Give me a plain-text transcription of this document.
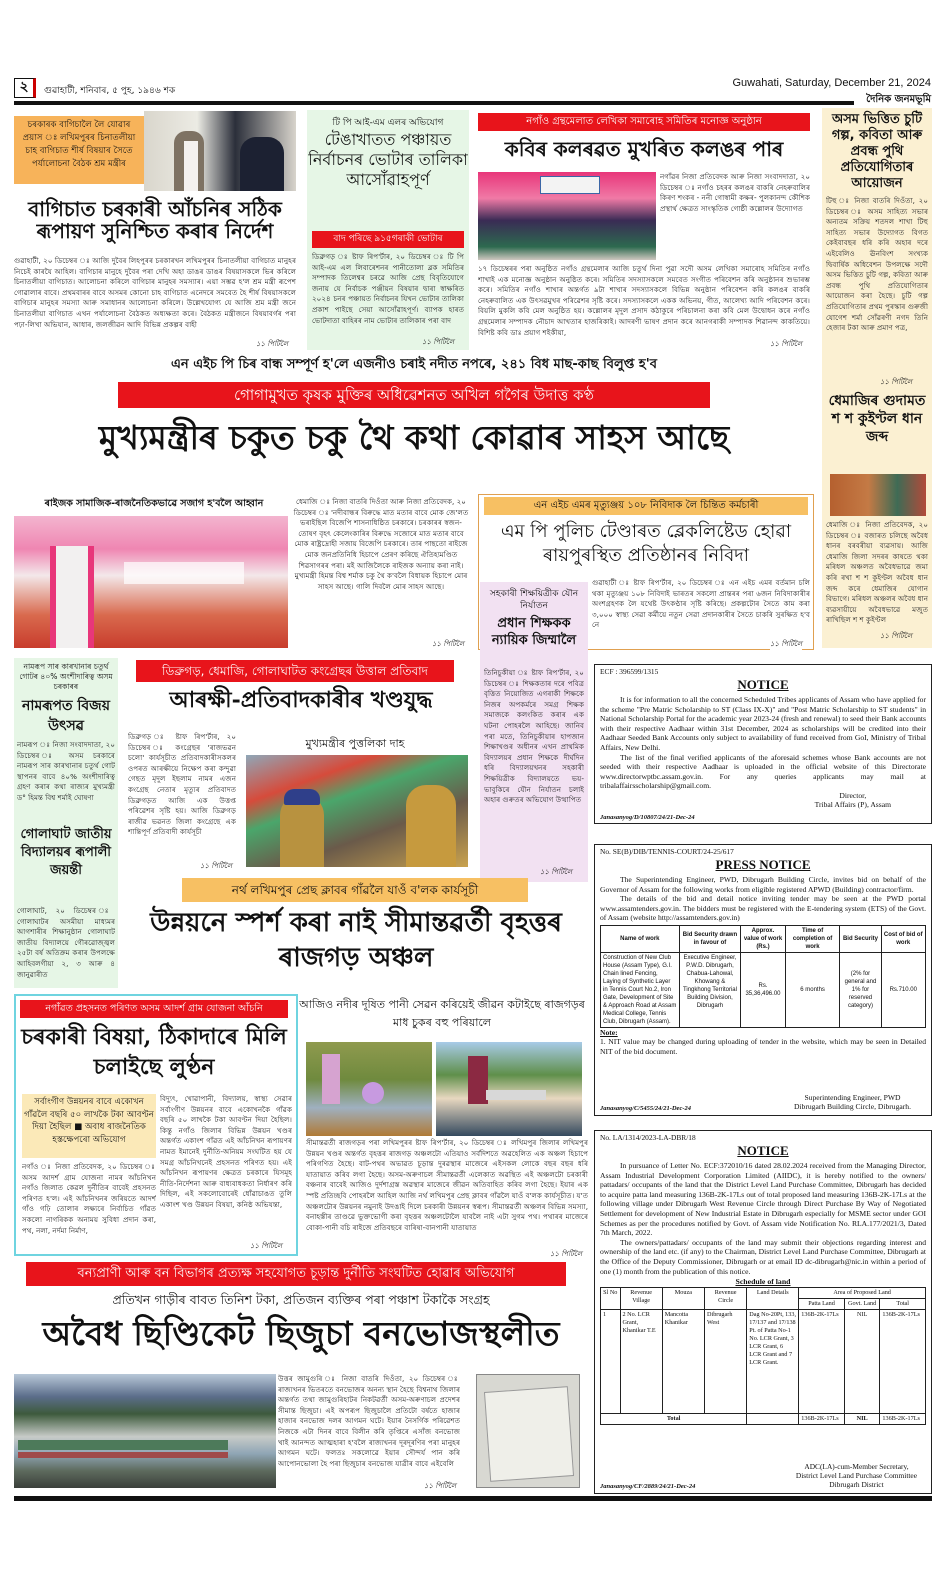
২	গুৱাহাটী, শনিবাৰ, ৫ পুহ, ১৯৪৬ শক
Guwahati, Saturday, December 21, 2024
দৈনিক জনমভূমি
চৰকাৰক বাগিচালৈ লৈ যোৱাৰ প্ৰয়াস ঃ লখিমপুৰৰ চিনাতলীয়া চাহ বাগিচাত শীৰ্ষ বিষয়াৰ সৈতে পৰ্যালোচনা বৈঠক শ্ৰম মন্ত্ৰীৰ
বাগিচাত চৰকাৰী আঁচনিৰ সঠিক ৰূপায়ণ সুনিশ্চিত কৰাৰ নিৰ্দেশ
গুৱাহাটী, ২০ ডিচেম্বৰ ঃ আজি দুবৈৰ লিহপুৰৰ চৰকাৰখন লখিমপুৰৰ চিনাতলীয়া বাগিচাত মানুহৰ নিচেই কাৰযৈ আহিল। বাগিচাৰ মানুহে দুবৈৰ পৰা দেখি অহা ডাঙৰ ডাঙৰ বিষয়াসকলে ভিৰ কৰিলে চিনাতলীয়া বাগিচাত। আলোচনা কৰিলে বাগিচাৰ মানুহৰ সমস্যাৰ। এয়া সম্ভৱ হ'ল শ্ৰম মন্ত্ৰী ৰূপেশ গোৱালাৰ বাবে। প্ৰথমবাৰৰ বাবে অসমৰ কোনো চাহ বাগিচাত এনেদৰে সমবেত হৈ শীৰ্ষ বিষয়াসকলে বাগিচাৰ মানুহৰ সমস্যা আৰু সমাধানৰ আলোচনা কৰিলে। উল্লেখযোগ্য যে আজি শ্ৰম মন্ত্ৰী জনে চিনাতলীয়া বাগিচাত এখন পৰ্যালোচনা বৈঠকত অধ্যক্ষতা কৰে। বৈঠকত মন্ত্ৰীজনে বিষয়াবৰ্গৰ পৰা পঢ়া-লিখা অভিযান, আধাৰ, জলজীৱন আদি বিভিন্ন প্ৰকল্পৰ বাহী
১১ পিটিলৈ
টি পি আই-এম এলৰ অভিযোগ
টেঙাখাতত পঞ্চায়ত নিৰ্বাচনৰ ভোটাৰ তালিকা আসোঁৱাহপূৰ্ণ
বাদ পৰিছে ৯১৫গৰাকী ভোটাৰ
ডিব্ৰুগড় ঃ ষ্টাফ ৰিপ'ৰ্টাৰ, ২০ ডিচেম্বৰ ঃ টি পি আই-এম এল লিবাৰেশনৰ পানীতোলা ব্লক সমিতিৰ সম্পাদক তিলেশ্বৰ চৰৱে আজি প্ৰেছ বিবৃতিযোগে জনায় যে নিৰ্বাচক পঞ্জীয়ন বিষয়াৰ দ্বাৰা স্বাক্ষৰিত ২০২৪ চনৰ পঞ্চায়ত নিৰ্বাচনৰ যিখন ভোটাৰ তালিকা প্ৰকাশ পাইছে সেয়া আসোঁৱাহপূৰ্ণ। ব্যাপক হাৰত ভোটদাতা বাহিৰৰ নাম ভোটাৰ তালিকাৰ পৰা বাদ
১১ পিটিলৈ
নগাঁও গ্ৰন্থমেলাত লেখিকা সমাৰোহ সমিতিৰ মনোজ্ঞ অনুষ্ঠান
কবিৰ কলৰৱত মুখৰিত কলঙৰ পাৰ
নগাঁৱৰ নিজা প্ৰতিবেদক আৰু নিজা সংবাদদাতা, ২০ ডিচেম্বৰ ঃ নগাঁও চহৰৰ কলঙৰ বাকৰি নেহৰুবালিৰ কিৰণ শংকৰ - ননী গোস্বামী কক্ষৰ- পুলকানন্দ কৌশিক প্ৰস্থাৰ্থ ক্ষেত্ৰত সাংস্কৃতিক গোষ্ঠী কল্লোলৰ উদ্যোগত
১৭ ডিচেম্বৰৰ পৰা অনুষ্ঠিত নগাঁও গ্ৰন্থমেলাৰ আজি চতুৰ্থ দিনা পুৱা সদৌ অসম লেখিকা সমাৰোহ সমিতিৰ নগাঁও শাখাই এক মনোজ্ঞ অনুষ্ঠান অনুষ্ঠিত কৰে। সমিতিৰ সদস্যাসকলে সমবেত সংগীত পৰিবেশন কৰি অনুষ্ঠানৰ শুভাৰম্ভ কৰে। সমিতিৰ নগাঁও শাখাৰ অন্তৰ্গত ৯টা শাখাৰ সদস্যাসকলে বিভিন্ন অনুষ্ঠান পৰিবেশন কৰি কলঙৰ বাকৰি নেহৰুবালিত এক উৎসৱমুখৰ পৰিৱেশৰ সৃষ্টি কৰে। সদস্যাসকলে একক অভিনয়, গীত, আলেখ্য আদি পৰিবেশন কৰে। বিয়লি মুকলি কবি মেল অনুষ্ঠিত হয়। কল্লোলৰ মৃদুল প্ৰসাদ কঠাকুৰে পৰিচালনা কৰা কবি মেল উদ্বোধন কৰে নগাঁও গ্ৰন্থমেলাৰ সম্পাদক নৌচাদ আখতাৰ হাজৰিকাই। আদৰণী ভাষণ প্ৰদান কৰে আনগৰাকী সম্পাদক শিৱানন্দ কাকতিয়ে। বিশিষ্ট কবি ডাঃ প্ৰয়াগ শইকীয়া,
১১ পিটিলৈ
অসম ভিত্তিত চুটি গল্প, কবিতা আৰু প্ৰবন্ধ পুথি প্ৰতিযোগিতাৰ আয়োজন
টিহু ঃ নিজা বাতৰি দিওঁতা, ২০ ডিচেম্বৰ ঃ অসম সাহিত্য সভাৰ অন্যতম সক্ৰিয় শতদল শাখা টিহু সাহিত্য সভাৰ উদ্যোগত বিগত কেইবাবছৰ ধৰি কৰি অহাৰ দৰে এইবেলিও ঊনবিংশ সংখ্যক দ্বিবাৰ্ষিক অধিবেশন উপলক্ষে সদৌ অসম ভিত্তিত চুটি গল্প, কবিতা আৰু প্ৰবন্ধ পুথি প্ৰতিযোগিতাৰ আয়োজন কৰা হৈছে। চুটি গল্প প্ৰতিযোগিতাৰ প্ৰথম পুৰস্কাৰ গুৰুজী যোগেশ শৰ্মা সোঁৱৰণী নগদ তিনি হেজাৰ টকা আৰু প্ৰমাণ পত্ৰ,
১১ পিটিলৈ
ধেমাজিৰ গুদামত শ শ কুইণ্টল ধান জব্দ
ধেমাজি ঃ নিজা প্ৰতিবেদক, ২০ ডিচেম্বৰ ঃ বজাৰত চলিছে অবৈধ ধানৰ বৰবৰীয়া ব্যৱসায়। আজি ধেমাজি জিলা সদৰৰ কাষতে থকা মৰিধল অঞ্চলত অবৈধভাৱে জমা কৰি ৰখা শ শ কুইণ্টল অবৈধ ধান জব্দ কৰে ধেমাজিৰ যোগান বিভাগে। মৰিধল অঞ্চলৰ অবৈধ ধান ব্যৱসায়ীয়ে অবৈধভাৱে মজুত ৰাখিছিল শ শ কুইণ্টল
১১ পিটিলৈ
এন এইচ পি চিৰ বান্ধ সম্পূৰ্ণ হ'লে এজনীও চৰাই নদীত নপৰে, ২৪১ বিধ মাছ-কাছ বিলুপ্ত হ'ব
গোগামুখত কৃষক মুক্তিৰ অধিৱেশনত অখিল গগৈৰ উদাত্ত কণ্ঠ
মুখ্যমন্ত্ৰীৰ চকুত চকু থৈ কথা কোৱাৰ সাহস আছে
ৰাইজক সামাজিক-ৰাজনৈতিকভাৱে সজাগ হ'বলৈ আহ্বান	ধেমাজি ঃ নিজা বাতৰি দিওঁতা আৰু নিজা প্ৰতিবেদক, ২০ ডিচেম্বৰ ঃ 'নদীবান্ধৰ বিৰুদ্ধে মাত মতাৰ বাবে মোক জে'লত ভৰাইছিল বিজেপি শাসনাধিষ্ঠিত চৰকাৰে। চৰকাৰৰ স্বজন-তোষণ বৃহৎ কেলেংকাৰিৰ বিৰুদ্ধে সজোৰে মাত মতাৰ বাবে মোক ৰাষ্ট্ৰদ্ৰোহী সজায় বিজেপি চৰকাৰে। তাৰ পাছতো ৰাইজে মোক জনপ্ৰতিনিধি হিচাপে প্ৰেৰণ কৰিছে ঐতিহ্যমণ্ডিত শিৱসাগৰৰ পৰা। মই আজিলৈকে ৰাইজক অন্যায় কৰা নাই। মুখ্যমন্ত্ৰী হিমন্ত বিশ্ব শৰ্মাক চকু থৈ ক'বলৈ বিধায়ক হিচাপে মোৰ সাহস আছে। গালি দিবলৈ মোৰ সাহস আছে।
১১ পিটিলৈ
এন এইচ এমৰ মৃত্যুঞ্জয় ১০৮ নিবিদাক লৈ চিন্তিত কৰ্মচাৰী
এম পি পুলিচ টেণ্ডাৰত ব্লেকলিষ্টেড হোৱা ৰায়পুৰস্থিত প্ৰতিষ্ঠানৰ নিবিদা
গুৱাহাটী ঃ ষ্টাফ ৰিপ'ৰ্টাৰ, ২০ ডিচেম্বৰ ঃ এন এইচ এমৰ বৰ্তমান চলি থকা মৃত্যুঞ্জয় ১০৮ নিবিদাই ভাৰতৰ সকলো প্ৰান্তৰৰ পৰা ৬জন নিবিদাকাৰীৰ অংশগ্ৰহণক লৈ যথেষ্ট উৎকণ্ঠাৰ সৃষ্টি কৰিছে। প্ৰকল্পটোৰ সৈতে কাম কৰা ৩,০০০ স্বাস্থ্য সেৱা কৰ্মীয়ে নতুন সেৱা প্ৰদানকাৰীৰ সৈতে চাকৰি সুৰক্ষিত হ'ব নে
১১ পিটিলৈ
সহকাৰী শিক্ষয়িত্ৰীক যৌন নিৰ্যাতন
প্ৰধান শিক্ষকক ন্যায়িক জিম্মালৈ
তিনিচুকীয়া ঃ ষ্টাফ ৰিপ'ৰ্টাৰ, ২০ ডিচেম্বৰ ঃ শিক্ষকতাৰ দৰে পবিত্ৰ বৃত্তিত নিয়োজিত এগৰাকী শিক্ষকে নিজৰ অপকৰ্মৰে সমগ্ৰ শিক্ষক সমাজকে কলংকিত কৰাৰ এক ঘটনা পোহৰলৈ আহিছে। জানিব পৰা মতে, তিনিচুকীয়াৰ হাপজান শিক্ষাখণ্ডৰ অধীনৰ এখন প্ৰাথমিক বিদ্যালয়ৰ প্ৰধান শিক্ষকে দীৰ্ঘদিন ধৰি বিদ্যালয়খনৰ সহকাৰী শিক্ষয়িত্ৰীক বিদ্যালয়তে ভয়-ভাবুকিৰে যৌন নিৰ্যাতন চলাই অহাৰ গুৰুতৰ অভিযোগ উত্থাপিত
১১ পিটিলৈ
নামৰূপ সাৰ কাৰখানাৰ চতুৰ্থ গোটৰ ৪০% অংশীদাৰিত্ব অসম চৰকাৰৰ
নামৰূপত বিজয় উৎসৱ
নামৰূপ ঃ নিজা সংবাদদাতা, ২০ ডিচেম্বৰ ঃ অসম চৰকাৰে নামৰূপ সাৰ কাৰখানাৰ চতুৰ্থ গোট স্থাপনৰ বাবে ৪০% অংশীদাৰিত্ব গ্ৰহণ কৰাৰ কথা ৰাজ্যৰ মুখ্যমন্ত্ৰী ড° হিমন্ত বিশ্ব শৰ্মাই ঘোষণা
গোলাঘাট জাতীয় বিদ্যালয়ৰ ৰূপালী জয়ন্তী
গোলাঘাট, ২০ ডিচেম্বৰ ঃ গোলাঘাটৰ অসমীয়া মাধ্যমৰ আগশাৰীৰ শিক্ষানুষ্ঠান গোলাঘাট জাতীয় বিদ্যালয়ে গৌৰৱোজ্জ্বল ২৫টা বৰ্ষ অতিক্ৰম কৰাৰ উপলক্ষে আহিবলগীয়া ২, ৩ আৰু ৪ জানুৱাৰীত
ডিব্ৰুগড়, ধেমাজি, গোলাঘাটত কংগ্ৰেছৰ উত্তাল প্ৰতিবাদ
আৰক্ষী-প্ৰতিবাদকাৰীৰ খণ্ডযুদ্ধ
ডিব্ৰুগড় ঃ ষ্টাফ ৰিপ'ৰ্টাৰ, ২০ ডিচেম্বৰ ঃ কংগ্ৰেছৰ 'ৰাজভৱন চলো' কাৰ্যসূচীত প্ৰতিবাদকাৰীসকলৰ ওপৰত আৰক্ষীয়ে নিক্ষেপ কৰা কন্দুৱা গেছত মৃদুল ইছলাম নামৰ এজন কংগ্ৰেছ নেতাৰ মৃত্যুৰ প্ৰতিবাদত ডিব্ৰুগড়ত আজি এক উত্তপ্ত পৰিৱেশৰ সৃষ্টি হয়। আজি ডিব্ৰুগড় ৰাজীৱ ভৱনত জিলা কংগ্ৰেছে এক শান্তিপূৰ্ণ প্ৰতিবাদী কাৰ্যসূচী
১১ পিটিলৈ
মুখ্যমন্ত্ৰীৰ পুত্তলিকা দাহ
নৰ্থ লখিমপুৰ প্ৰেছ ক্লাবৰ গাঁৱলৈ যাওঁ ব'লক কাৰ্যসূচী
উন্নয়নে স্পৰ্শ কৰা নাই সীমান্তৱৰ্তী বৃহত্তৰ ৰাজগড় অঞ্চল
আজিও নদীৰ দূষিত পানী সেৱন কৰিয়েই জীৱন কটাইছে ৰাজগড়ৰ মাধ চুকৰ বহু পৰিয়ালে
সীমান্তৱৰ্তী ৰাজগড়ৰ পৰা লখিমপুৰৰ ষ্টাফ ৰিপ'ৰ্টাৰ, ২০ ডিচেম্বৰ ঃ লখিমপুৰ জিলাৰ লখিমপুৰ উন্নয়ন খণ্ডৰ অন্তৰ্গত বৃহত্তৰ ৰাজগড় অঞ্চলটো এতিয়াও সৰ্বদিশতে অৱহেলিত এক অঞ্চল হিচাপে পৰিগণিত হৈছে। বাট-পথৰ অভাৱত চূড়ান্ত দুৰৱস্থাৰ মাজেৰে এইসকল লোকে বছৰ বছৰ ধৰি যাতায়াত কৰিব লগা হৈছে। অসম-অৰুণাচল সীমান্তৱৰ্তী এলেকাত অৱস্থিত এই অঞ্চলটো চৰকাৰী বঞ্চনাৰ বাবেই আজিও দুৰ্দশাগ্ৰস্ত অৱস্থাৰ মাজেৰে জীৱন অতিবাহিত কৰিব লগা হৈছে। ইয়াৰ এক স্পষ্ট প্ৰতিচ্ছবি পোহৰলৈ আহিল আজি নৰ্থ লখিমপুৰ প্ৰেছ ক্লাবৰ গাঁৱলৈ যাওঁ ব'লক কাৰ্যসূচীত। য'ত অঞ্চলটোৰ উন্নয়নৰ নমুনাই উদঙাই দিলে চৰকাৰী উন্নয়নৰ স্বৰূপ। সীমান্তৱৰ্তী অঞ্চলৰ বিভিন্ন সমস্যা, বনাহস্তীৰ তাণ্ডৱে ভুক্তভোগী কৰা বৃহত্তৰ অঞ্চলটোলৈ যাবলৈ নাই এটা সুগম পথ। পথাৰৰ মাজেৰে বোকা-পানী বচি ৰাইজে প্ৰতিবছৰে বাৰিষা-বানপানী যাতায়াত
১১ পিটিলৈ
নগাঁৱত প্ৰহসনত পৰিণত অসম আদৰ্শ গ্ৰাম যোজনা আঁচনি
চৰকাৰী বিষয়া, ঠিকাদাৰে মিলি চলাইছে লুণ্ঠন
সৰ্বাংগীণ উন্নয়নৰ বাবে একোখন গাঁৱলৈ বছৰি ৫০ লাখকৈ টকা আবণ্টন দিয়া হৈছিল ■ অবাধ ৰাজনৈতিক হস্তক্ষেপৰো অভিযোগ
নগাঁও ঃ নিজা প্ৰতিবেদক, ২০ ডিচেম্বৰ ঃ অসম আদৰ্শ গ্ৰাম যোজনা নামৰ আঁচনিখন নগাঁও জিলাত কেৱল দুৰ্নীতিৰ বাবেই প্ৰহসনত পৰিণত হ'ল। এই আঁচনিখনৰ জৰিয়তে আদৰ্শ গাঁও গঢ়ি তোলাৰ লক্ষ্যৰে নিৰ্বাচিত গাঁৱত সকলো নাগৰিকক অনাময় সুবিধা প্ৰদান কৰা, পথ, নলা, নৰ্দমা নিৰ্মাণ,
বিদ্যুৎ, খোৱাপানী, বিদ্যালয়, স্বাস্থ্য সেৱাৰ সৰ্বাংগীণ উন্নয়নৰ বাবে একোখনকৈ গাঁৱক বছৰি ৫০ লাখকৈ টকা আবণ্টন দিয়া হৈছিল। কিন্তু নগাঁও জিলাৰ বিভিন্ন উন্নয়ন খণ্ডৰ অন্তৰ্গত একাংশ গাঁৱত এই আঁচনিখন ৰূপায়ণৰ নামত ইমানেই দুৰ্নীতি-অনিয়ম সংঘটিত হয় যে সমগ্ৰ আঁচনিখনেই প্ৰহসনত পৰিণত হয়। এই আঁচনিখন ৰূপায়ণৰ ক্ষেত্ৰত চৰকাৰে যিসমূহ নীতি-নিৰ্দেশনা আৰু বাধ্যবাধকতা নিৰ্ধাৰণ কৰি দিছিল, এই সকলোবোৰেই ধোঁৱাচাঙত তুলি একাংশ খণ্ড উন্নয়ন বিষয়া, কনিষ্ঠ অভিযন্তা,
১১ পিটিলৈ
বন্যপ্ৰাণী আৰু বন বিভাগৰ প্ৰত্যক্ষ সহযোগত চূড়ান্ত দুৰ্নীতি সংঘটিত হোৱাৰ অভিযোগ
প্ৰতিখন গাড়ীৰ বাবত তিনিশ টকা, প্ৰতিজন ব্যক্তিৰ পৰা পঞ্চাশ টকাকৈ সংগ্ৰহ
অবৈধ ছিণ্ডিকেট ছিজুচা বনভোজস্থলীত
উত্তৰ জামুগুৰি ঃ নিজা বাতৰি দিওঁতা, ২০ ডিচেম্বৰ ঃ ৰাজ্যখনৰ ভিতৰতে বনভোজৰ অনন্য স্থান হৈছে বিশ্বনাথ জিলাৰ অন্তৰ্গত তথা জামুগুৰিহাটৰ নিকটৱৰ্তী অসম-অৰুণাচল প্ৰদেশৰ সীমান্ত ছিজুচা। এই অপৰূপ ছিজুচালৈ প্ৰতিটো বৰ্ষতে হাজাৰ হাজাৰ বনভোজ দলৰ আগমন ঘটে। ইয়াৰ নৈসৰ্গিক পৰিৱেশত নিজকে এটা দিনৰ বাবে বিলীন কৰি তৃপ্তিৰে এসাঁজ বনভোজ খাই আনন্দত আত্মহাৰা হ'বলৈ ৰাজ্যখনৰ দূৰদূৰণিৰ পৰা মানুহৰ আগমন ঘটে। ফলতঃ সকলোৱে ইয়াৰ সৌন্দৰ্য পান কৰি আপোনভোলা হৈ পৰা ছিজুচাৰ বনভোজ যাত্ৰীৰ বাবে এইবেলি
১১ পিটিলৈ
ECF : 396599/1315
NOTICE

It is for information to all the concerned Scheduled Tribes applicants of Assam who have applied for the scheme "Pre Matric Scholarship to ST (Class IX-X)" and "Post Matric Scholarship to ST students" in National Scholarship Portal for the academic year 2023-24 (fresh and renewal) to seed their Bank accounts with their respective Aadhaar within 31st December, 2024 as scholarships will be credited into their Aadhaar Seeded Bank Accounts only subject to availability of fund received from GoI, Ministry of Tribal Affairs, New Delhi.

The list of the final verified applicants of the aforesaid schemes whose Bank accounts are not seeded with their respective Aadhaar is uploaded in the official website of this Directorate www.directorwptbc.assam.gov.in. For any queries applicants may mail at tribalaffairsscholarship@gmail.com.

Director,
Tribal Affairs (P), Assam
Janasanyog/D/10807/24/21-Dec-24
No. SE(B)/DIB/TENNIS-COURT/24-25/617
PRESS NOTICE

The Superintending Engineer, PWD, Dibrugarh Building Circle, invites bid on behalf of the Governor of Assam for the following works from eligible registered APWD (Building) contractor/firm.

The details of the bid and detail notice inviting tender may be seen at the PWD portal www.assamtenders.gov.in. The bidders must be registered with the E-tendering system (ETS) of the Govt. of Assam (website http://assamtenders.gov.in)

Name of work	Bid Security drawn in favour of	Approx. value of work (Rs.)	Time of completion of work	Bid Security	Cost of bid of work
Construction of New Club House (Assam Type), G.I. Chain lined Fencing, Laying of Synthetic Layer in Tennis Court No.2, Iron Gate, Development of Site & Approach Road at Assam Medical College, Tennis Club, Dibrugarh (Assam).	Executive Engineer, P.W.D. Dibrugarh, Chabua-Lahowal, Khowang & Tingkhong Territorial Building Division, Dibrugarh	Rs. 35,36,496.00	6 months	(2% for general and 1% for reserved category)	Rs.710.00
Note:

1. NIT value may be changed during uploading of tender in the website, which may be seen in Detailed NIT of the bid document.

Superintending Engineer, PWD
Dibrugarh Building Circle, Dibrugarh.
Janasanyog/C/5455/24/21-Dec-24
No. LA/1314/2023-LA-DBR/18
NOTICE

In pursuance of Letter No. ECF:372010/16 dated 28.02.2024 received from the Managing Director, Assam Industrial Development Corporation Limited (AIIDC), it is hereby notified to the owners/ pattadars/ occupants of the land that the District Level Land Purchase Committee, Dibrugarh has decided to acquire patta land measuring 136B-2K-17Ls out of total proposed land measuring 136B-2K-17Ls at the following village under Dibrugarh West Revenue Circle through Direct Purchase By Way of Negotiated Settlement for development of New Industrial Estate in Dibrugarh especially for MSME sector under GOI Schemes as per the procedures notified by Govt. of Assam vide Notification No. RLA.177/2021/3, Dated 7th March, 2022.

The owners/pattadars/ occupants of the land may submit their objections regarding interest and ownership of the land etc. (if any) to the Chairman, District Level Land Purchase Committee, Dibrugarh at the Office of the Deputy Commissioner, Dibrugarh or at email ID dc-dibrugarh@nic.in within a period of one (1) month from the publication of this notice.

Schedule of land
Sl No	Revenue Village	Mouza	Revenue Circle	Land Details	Area of Proposed Land		
					Patta Land	Govt. Land	Total
1	2 No. LCR Grant, Khanikar T.E	Mancotta Khanikar	Dibrugarh West	Dag No-20Pt, 133, 17/137 and 17/138 Pt. of Patta No-1 No. LCR Grant, 3 LCR Grant, 6 LCR Grant and 7 LCR Grant.	136B-2K-17Ls	NIL	136B-2K-17Ls
Total					136B-2K-17Ls	NIL	136B-2K-17Ls
ADC(LA)-cum-Member Secretary,
District Level Land Purchase Committee
Dibrugarh District
Janasanyog/CF/2889/24/21-Dec-24
